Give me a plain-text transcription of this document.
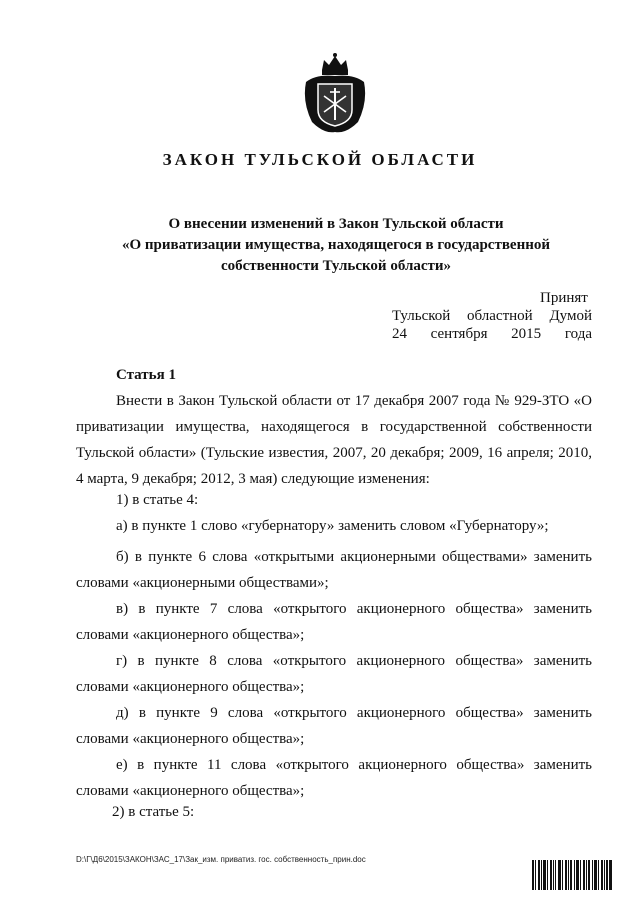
ЗАКОН ТУЛЬСКОЙ ОБЛАСТИ
О внесении изменений в Закон Тульской области
«О приватизации имущества, находящегося в государственной
собственности Тульской области»
Принят
Тульской областной Думой
24 сентября 2015 года
Статья 1
Внести в Закон Тульской области от 17 декабря 2007 года № 929-ЗТО «О приватизации имущества, находящегося в государственной собственности Тульской области» (Тульские известия, 2007, 20 декабря; 2009, 16 апреля; 2010, 4 марта, 9 декабря; 2012, 3 мая) следующие изменения:
1) в статье 4:
а) в пункте 1 слово «губернатору» заменить словом «Губернатору»;
б) в пункте 6 слова «открытыми акционерными обществами» заменить словами «акционерными обществами»;
в) в пункте 7 слова «открытого акционерного общества» заменить словами «акционерного общества»;
г) в пункте 8 слова «открытого акционерного общества» заменить словами «акционерного общества»;
д) в пункте 9 слова «открытого акционерного общества» заменить словами «акционерного общества»;
е) в пункте 11 слова «открытого акционерного общества» заменить словами «акционерного общества»;
2) в статье 5:
D:\Г\Д6\2015\ЗАКОН\ЗАС_17\Зак_изм. приватиз. гос. собственность_прин.doc
